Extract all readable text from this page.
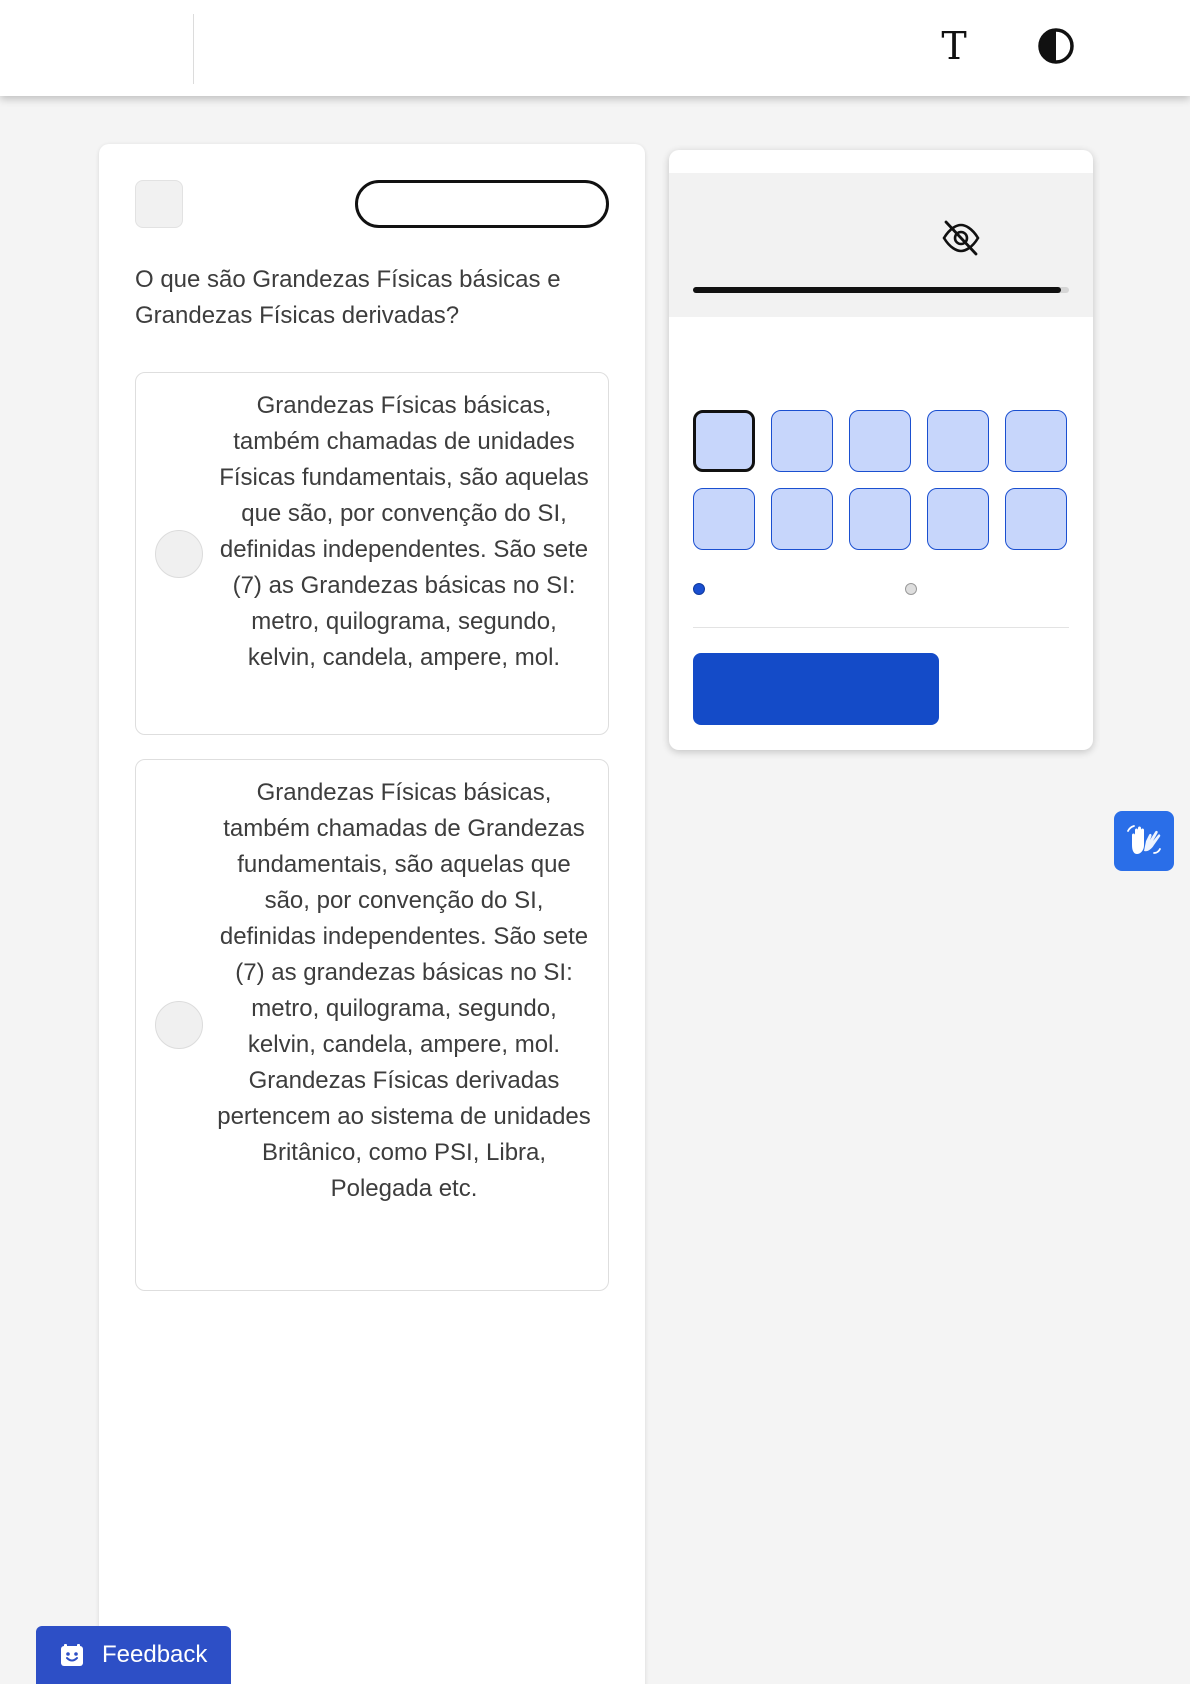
T
O que são Grandezas Físicas básicas e Grandezas Físicas derivadas?
Grandezas Físicas básicas, também chamadas de unidades Físicas fundamentais, são aquelas que são, por convenção do SI, definidas independentes. São sete (7) as Grandezas básicas no SI: metro, quilograma, segundo, kelvin, candela, ampere, mol.
Grandezas Físicas básicas, também chamadas de Grandezas fundamentais, são aquelas que são, por convenção do SI, definidas independentes. São sete (7) as grandezas básicas no SI: metro, quilograma, segundo, kelvin, candela, ampere, mol. Grandezas Físicas derivadas pertencem ao sistema de unidades Britânico, como PSI, Libra, Polegada etc.
Feedback
